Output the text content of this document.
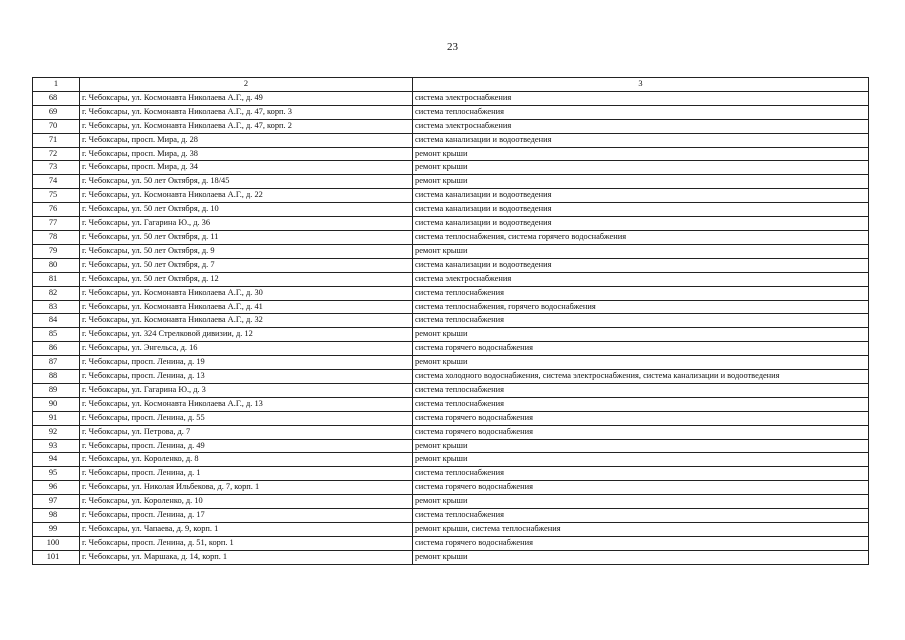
23
1	2	3
68	г. Чебоксары, ул. Космонавта Николаева А.Г., д. 49	система электроснабжения
69	г. Чебоксары, ул. Космонавта Николаева А.Г., д. 47, корп. 3	система теплоснабжения
70	г. Чебоксары, ул. Космонавта Николаева А.Г., д. 47, корп. 2	система электроснабжения
71	г. Чебоксары, просп. Мира, д. 28	система канализации и водоотведения
72	г. Чебоксары, просп. Мира, д. 38	ремонт крыши
73	г. Чебоксары, просп. Мира, д. 34	ремонт крыши
74	г. Чебоксары, ул. 50 лет Октября, д. 18/45	ремонт крыши
75	г. Чебоксары, ул. Космонавта Николаева А.Г., д. 22	система канализации и водоотведения
76	г. Чебоксары, ул. 50 лет Октября, д. 10	система канализации и водоотведения
77	г. Чебоксары, ул. Гагарина Ю., д. 36	система канализации и водоотведения
78	г. Чебоксары, ул. 50 лет Октября, д. 11	система теплоснабжения, система горячего водоснабжения
79	г. Чебоксары, ул. 50 лет Октября, д. 9	ремонт крыши
80	г. Чебоксары, ул. 50 лет Октября, д. 7	система канализации и водоотведения
81	г. Чебоксары, ул. 50 лет Октября, д. 12	система электроснабжения
82	г. Чебоксары, ул. Космонавта Николаева А.Г., д. 30	система теплоснабжения
83	г. Чебоксары, ул. Космонавта Николаева А.Г., д. 41	система теплоснабжения, горячего водоснабжения
84	г. Чебоксары, ул. Космонавта Николаева А.Г., д. 32	система теплоснабжения
85	г. Чебоксары, ул. 324 Стрелковой дивизии, д. 12	ремонт крыши
86	г. Чебоксары, ул. Энгельса, д. 16	система горячего водоснабжения
87	г. Чебоксары, просп. Ленина, д. 19	ремонт крыши
88	г. Чебоксары, просп. Ленина, д. 13	система холодного водоснабжения, система электроснабжения, система канализации и водоотведения
89	г. Чебоксары, ул. Гагарина Ю., д. 3	система теплоснабжения
90	г. Чебоксары, ул. Космонавта Николаева А.Г., д. 13	система теплоснабжения
91	г. Чебоксары, просп. Ленина, д. 55	система горячего водоснабжения
92	г. Чебоксары, ул. Петрова, д. 7	система горячего водоснабжения
93	г. Чебоксары, просп. Ленина, д. 49	ремонт крыши
94	г. Чебоксары, ул. Короленко, д. 8	ремонт крыши
95	г. Чебоксары, просп. Ленина, д. 1	система теплоснабжения
96	г. Чебоксары, ул. Николая Ильбекова, д. 7, корп. 1	система горячего водоснабжения
97	г. Чебоксары, ул. Короленко, д. 10	ремонт крыши
98	г. Чебоксары, просп. Ленина, д. 17	система теплоснабжения
99	г. Чебоксары, ул. Чапаева, д. 9, корп. 1	ремонт крыши, система теплоснабжения
100	г. Чебоксары, просп. Ленина, д. 51, корп. 1	система горячего водоснабжения
101	г. Чебоксары, ул. Маршака, д. 14, корп. 1	ремонт крыши
